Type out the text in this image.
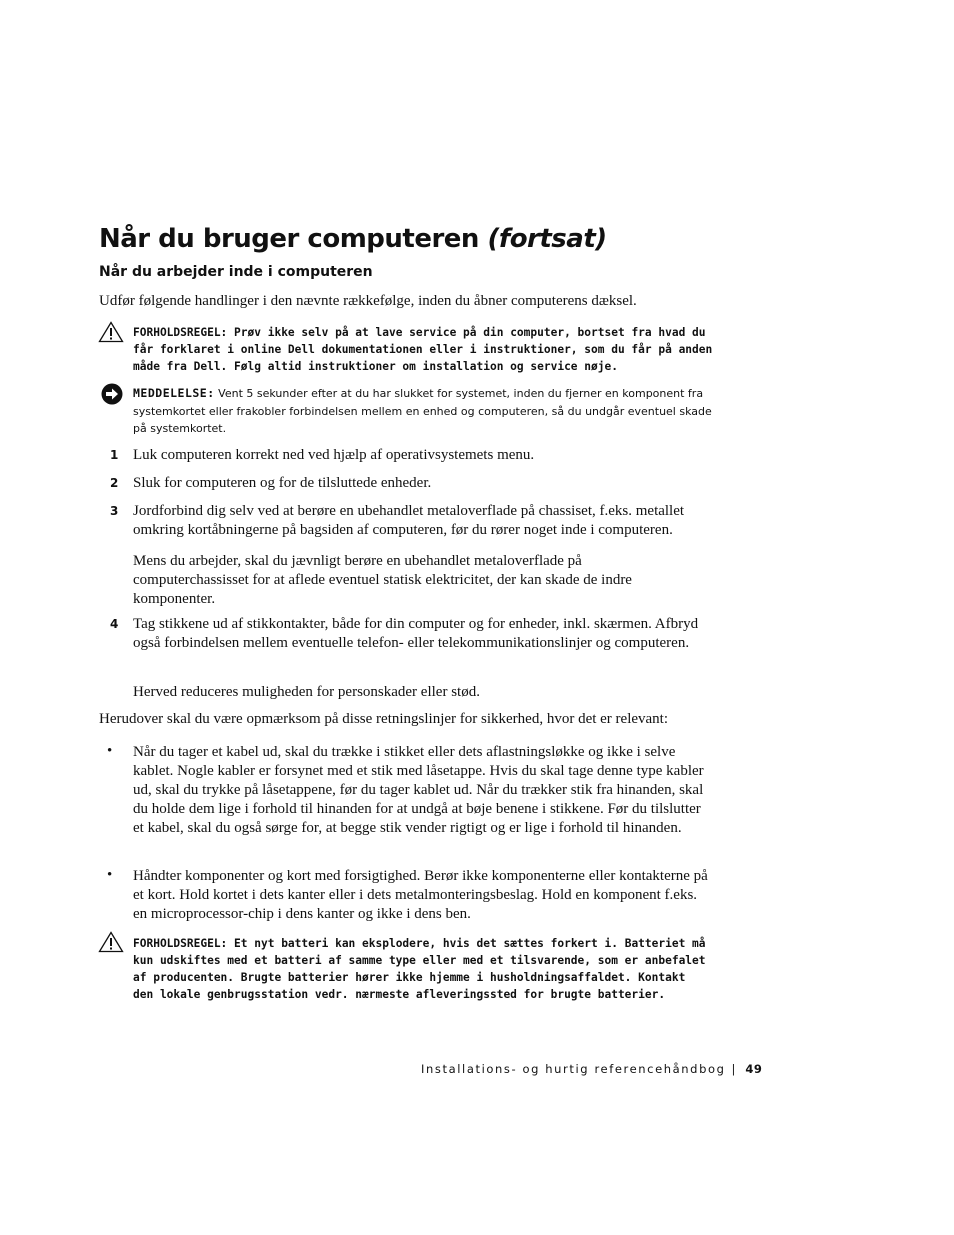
Når du bruger computeren (fortsat)
Når du arbejder inde i computeren
Udfør følgende handlinger i den nævnte rækkefølge, inden du åbner computerens dæksel.
FORHOLDSREGEL: Prøv ikke selv på at lave service på din computer, bortset fra hvad du får forklaret i online Dell dokumentationen eller i instruktioner, som du får på anden måde fra Dell. Følg altid instruktioner om installation og service nøje.
MEDDELELSE: Vent 5 sekunder efter at du har slukket for systemet, inden du fjerner en komponent fra systemkortet eller frakobler forbindelsen mellem en enhed og computeren, så du undgår eventuel skade på systemkortet.
1 Luk computeren korrekt ned ved hjælp af operativsystemets menu.
2 Sluk for computeren og for de tilsluttede enheder.
3 Jordforbind dig selv ved at berøre en ubehandlet metaloverflade på chassiset, f.eks. metallet omkring kortåbningerne på bagsiden af computeren, før du rører noget inde i computeren.
Mens du arbejder, skal du jævnligt berøre en ubehandlet metaloverflade på computerchassisset for at aflede eventuel statisk elektricitet, der kan skade de indre komponenter.
4 Tag stikkene ud af stikkontakter, både for din computer og for enheder, inkl. skærmen. Afbryd også forbindelsen mellem eventuelle telefon- eller telekommunikationslinjer og computeren.
Herved reduceres muligheden for personskader eller stød.
Herudover skal du være opmærksom på disse retningslinjer for sikkerhed, hvor det er relevant:
• Når du tager et kabel ud, skal du trække i stikket eller dets aflastningsløkke og ikke i selve kablet. Nogle kabler er forsynet med et stik med låsetappe. Hvis du skal tage denne type kabler ud, skal du trykke på låsetappene, før du tager kablet ud. Når du trækker stik fra hinanden, skal du holde dem lige i forhold til hinanden for at undgå at bøje benene i stikkene. Før du tilslutter et kabel, skal du også sørge for, at begge stik vender rigtigt og er lige i forhold til hinanden.
• Håndter komponenter og kort med forsigtighed. Berør ikke komponenterne eller kontakterne på et kort. Hold kortet i dets kanter eller i dets metalmonteringsbeslag. Hold en komponent f.eks. en microprocessor-chip i dens kanter og ikke i dens ben.
FORHOLDSREGEL: Et nyt batteri kan eksplodere, hvis det sættes forkert i. Batteriet må kun udskiftes med et batteri af samme type eller med et tilsvarende, som er anbefalet af producenten. Brugte batterier hører ikke hjemme i husholdningsaffaldet. Kontakt den lokale genbrugsstation vedr. nærmeste afleveringssted for brugte batterier.
Installations- og hurtig referencehåndbog | 49
